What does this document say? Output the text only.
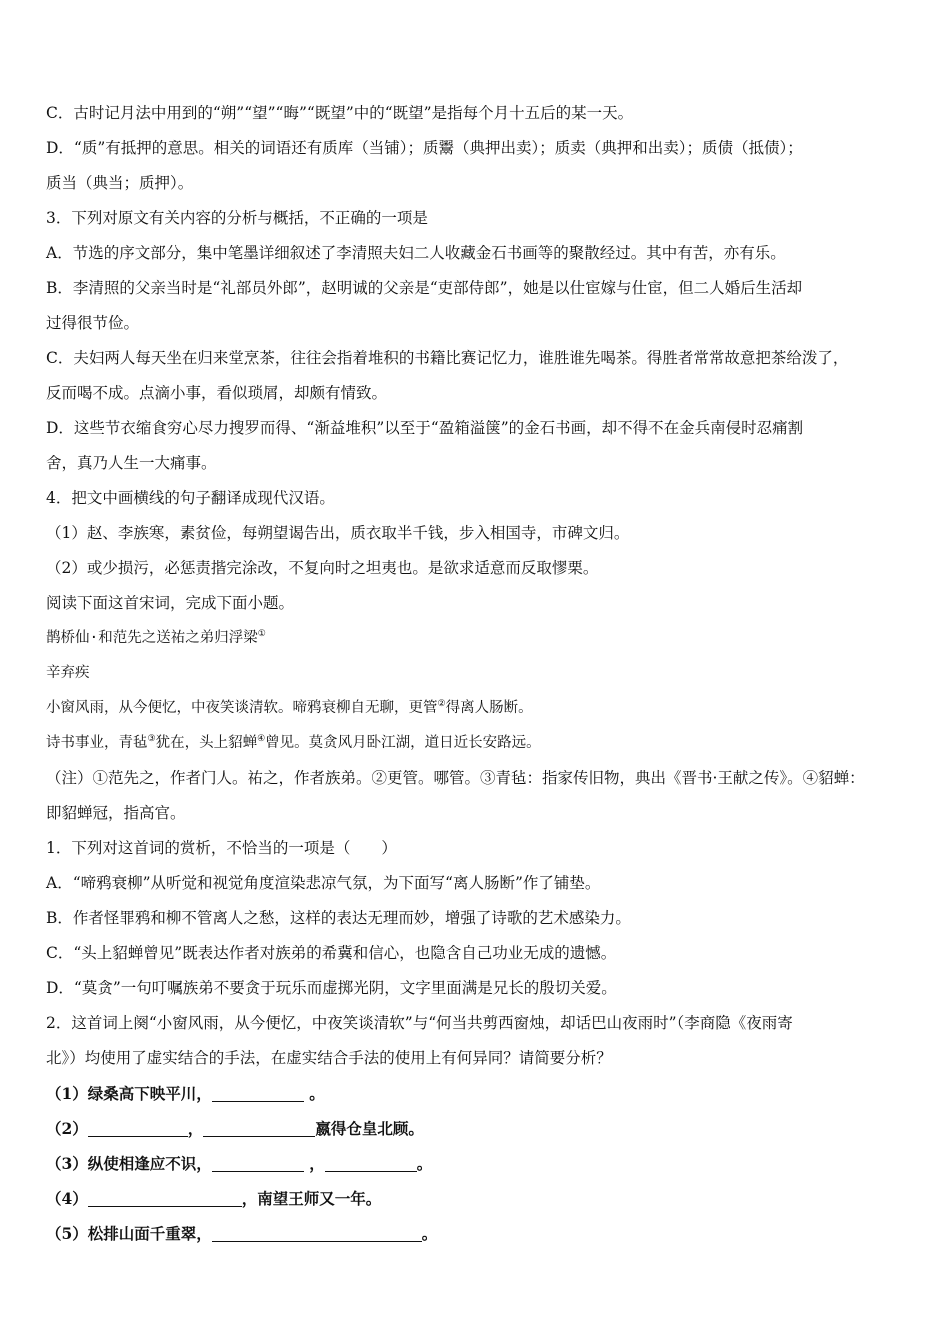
C．古时记月法中用到的“朔”“望”“晦”“既望”中的“既望”是指每个月十五后的某一天。
D．“质”有抵押的意思。相关的词语还有质库（当铺）；质鬻（典押出卖）；质卖（典押和出卖）；质债（抵债）；
质当（典当；质押）。
3．下列对原文有关内容的分析与概括，不正确的一项是
A．节选的序文部分，集中笔墨详细叙述了李清照夫妇二人收藏金石书画等的聚散经过。其中有苦，亦有乐。
B．李清照的父亲当时是“礼部员外郎”，赵明诚的父亲是“吏部侍郎”，她是以仕宦嫁与仕宦，但二人婚后生活却
过得很节俭。
C．夫妇两人每天坐在归来堂烹茶，往往会指着堆积的书籍比赛记忆力，谁胜谁先喝茶。得胜者常常故意把茶给泼了，
反而喝不成。点滴小事，看似琐屑，却颇有情致。
D．这些节衣缩食穷心尽力搜罗而得、“渐益堆积”以至于“盈箱溢箧”的金石书画，却不得不在金兵南侵时忍痛割
舍，真乃人生一大痛事。
4．把文中画横线的句子翻译成现代汉语。
（1）赵、李族寒，素贫俭，每朔望谒告出，质衣取半千钱，步入相国寺，市碑文归。
（2）或少损污，必惩责揩完涂改，不复向时之坦夷也。是欲求适意而反取憀栗。
阅读下面这首宋词，完成下面小题。
鹊桥仙·和范先之送祐之弟归浮梁①
辛弃疾
小窗风雨，从今便忆，中夜笑谈清软。啼鸦衰柳自无聊，更管②得离人肠断。
诗书事业，青毡③犹在，头上貂蝉④曾见。莫贪风月卧江湖，道日近长安路远。
（注）①范先之，作者门人。祐之，作者族弟。②更管。哪管。③青毡：指家传旧物，典出《晋书·王献之传》。④貂蝉：
即貂蝉冠，指高官。
1．下列对这首词的赏析，不恰当的一项是（　　）
A．“啼鸦衰柳”从听觉和视觉角度渲染悲凉气氛，为下面写“离人肠断”作了铺垫。
B．作者怪罪鸦和柳不管离人之愁，这样的表达无理而妙，增强了诗歌的艺术感染力。
C．“头上貂蝉曾见”既表达作者对族弟的希冀和信心，也隐含自己功业无成的遗憾。
D．“莫贪”一句叮嘱族弟不要贪于玩乐而虚掷光阴，文字里面满是兄长的殷切关爱。
2．这首词上阕“小窗风雨，从今便忆，中夜笑谈清软”与“何当共剪西窗烛，却话巴山夜雨时”（李商隐《夜雨寄
北》）均使用了虚实结合的手法，在虚实结合手法的使用上有何异同？请简要分析？
（1）绿桑高下映平川，	。
（2）	，	嬴得仓皇北顾。
（3）纵使相逢应不识，	，	。
（4）	，南望王师又一年。
（5）松排山面千重翠，	。
